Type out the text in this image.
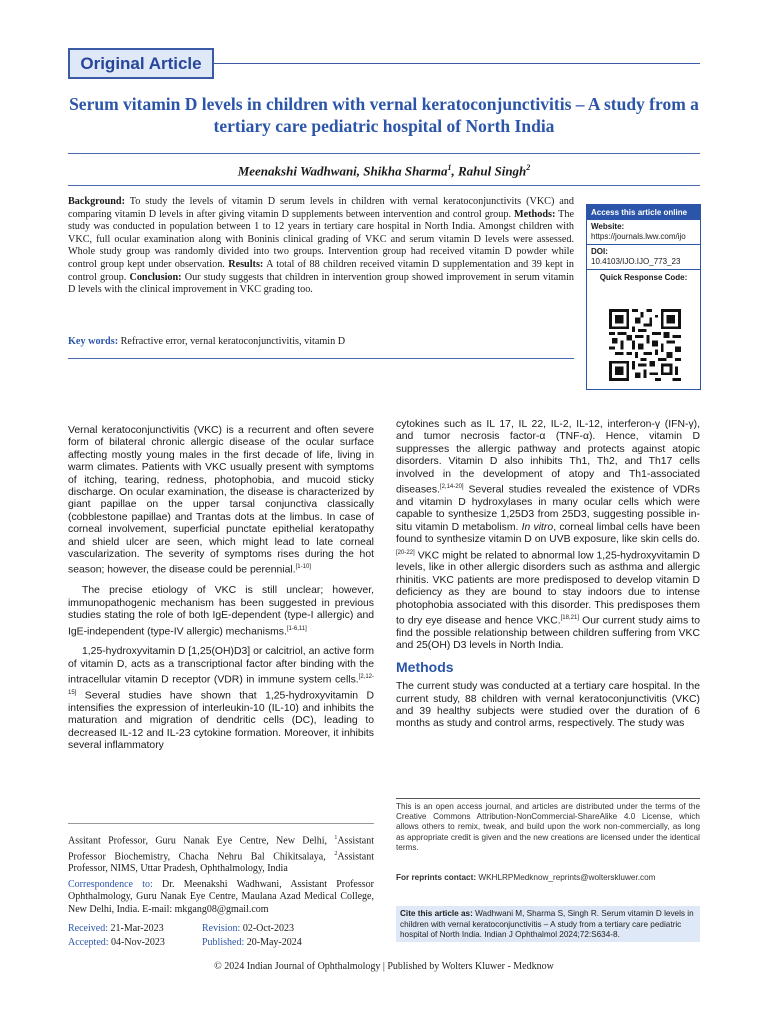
Original Article
Serum vitamin D levels in children with vernal keratoconjunctivitis – A study from a tertiary care pediatric hospital of North India
Meenakshi Wadhwani, Shikha Sharma$^1$, Rahul Singh$^2$
Background: To study the levels of vitamin D serum levels in children with vernal keratoconjunctivits (VKC) and comparing vitamin D levels in after giving vitamin D supplements between intervention and control group. Methods: The study was conducted in population between 1 to 12 years in tertiary care hospital in North India. Amongst children with VKC, full ocular examination along with Boninis clinical grading of VKC and serum vitamin D levels were assessed. Whole study group was randomly divided into two groups. Intervention group had received vitamin D powder while control group kept under observation. Results: A total of 88 children received vitamin D supplementation and 39 kept in control group. Conclusion: Our study suggests that children in intervention group showed improvement in serum vitamin D levels with the clinical improvement in VKC grading too.
Key words: Refractive error, vernal keratoconjunctivitis, vitamin D
Access this article online
Website:
https://journals.lww.com/ijo
DOI:
10.4103/IJO.IJO_773_23
Quick Response Code:

Vernal keratoconjunctivitis (VKC) is a recurrent and often severe form of bilateral chronic allergic disease of the ocular surface affecting mostly young males in the first decade of life, living in warm climates. Patients with VKC usually present with symptoms of itching, tearing, redness, photophobia, and mucoid sticky discharge. On ocular examination, the disease is characterized by giant papillae on the upper tarsal conjunctiva classically (cobblestone papillae) and Trantas dots at the limbus. In case of corneal involvement, superficial punctate epithelial keratopathy and shield ulcer are seen, which might lead to late corneal vascularization. The severity of symptoms rises during the hot season; however, the disease could be perennial.[1-10]

The precise etiology of VKC is still unclear; however, immunopathogenic mechanism has been suggested in previous studies stating the role of both IgE-dependent (type-I allergic) and IgE-independent (type-IV allergic) mechanisms.[1-6,11]

1,25-hydroxyvitamin D [1,25(OH)D3] or calcitriol, an active form of vitamin D, acts as a transcriptional factor after binding with the intracellular vitamin D receptor (VDR) in immune system cells.[2,12-15] Several studies have shown that 1,25-hydroxyvitamin D intensifies the expression of interleukin-10 (IL-10) and inhibits the maturation and migration of dendritic cells (DC), leading to decreased IL-12 and IL-23 cytokine formation. Moreover, it inhibits several inflammatory

cytokines such as IL 17, IL 22, IL-2, IL-12, interferon-γ (IFN-γ), and tumor necrosis factor-α (TNF-α). Hence, vitamin D suppresses the allergic pathway and protects against atopic disorders. Vitamin D also inhibits Th1, Th2, and Th17 cells involved in the development of atopy and Th1-associated diseases.[2,14-20] Several studies revealed the existence of VDRs and vitamin D hydroxylases in many ocular cells which were capable to synthesize 1,25D3 from 25D3, suggesting possible in-situ vitamin D metabolism. In vitro, corneal limbal cells have been found to synthesize vitamin D on UVB exposure, like skin cells do.[20-22] VKC might be related to abnormal low 1,25-hydroxyvitamin D levels, like in other allergic disorders such as asthma and allergic rhinitis. VKC patients are more predisposed to develop vitamin D deficiency as they are bound to stay indoors due to intense photophobia associated with this disorder. This predisposes them to dry eye disease and hence VKC.[18,21] Our current study aims to find the possible relationship between children suffering from VKC and 25(OH) D3 levels in North India.

Methods

The current study was conducted at a tertiary care hospital. In the current study, 88 children with vernal keratoconjunctivitis (VKC) and 39 healthy subjects were studied over the duration of 6 months as study and control arms, respectively. The study was

Assitant Professor, Guru Nanak Eye Centre, New Delhi, $^1$Assistant Professor Biochemistry, Chacha Nehru Bal Chikitsalaya, $^2$Assistant Professor, NIMS, Uttar Pradesh, Ophthalmology, India
Correspondence to: Dr. Meenakshi Wadhwani, Assistant Professor Ophthalmology, Guru Nanak Eye Centre, Maulana Azad Medical College, New Delhi, India. E-mail: mkgang08@gmail.com
Received: 21-Mar-2023	Revision: 02-Oct-2023
Accepted: 04-Nov-2023	Published: 20-May-2024
This is an open access journal, and articles are distributed under the terms of the Creative Commons Attribution-NonCommercial-ShareAlike 4.0 License, which allows others to remix, tweak, and build upon the work non-commercially, as long as appropriate credit is given and the new creations are licensed under the identical terms.
For reprints contact: WKHLRPMedknow_reprints@wolterskluwer.com
Cite this article as: Wadhwani M, Sharma S, Singh R. Serum vitamin D levels in children with vernal keratoconjunctivitis – A study from a tertiary care pediatric hospital of North India. Indian J Ophthalmol 2024;72:S634-8.
© 2024 Indian Journal of Ophthalmology | Published by Wolters Kluwer - Medknow
